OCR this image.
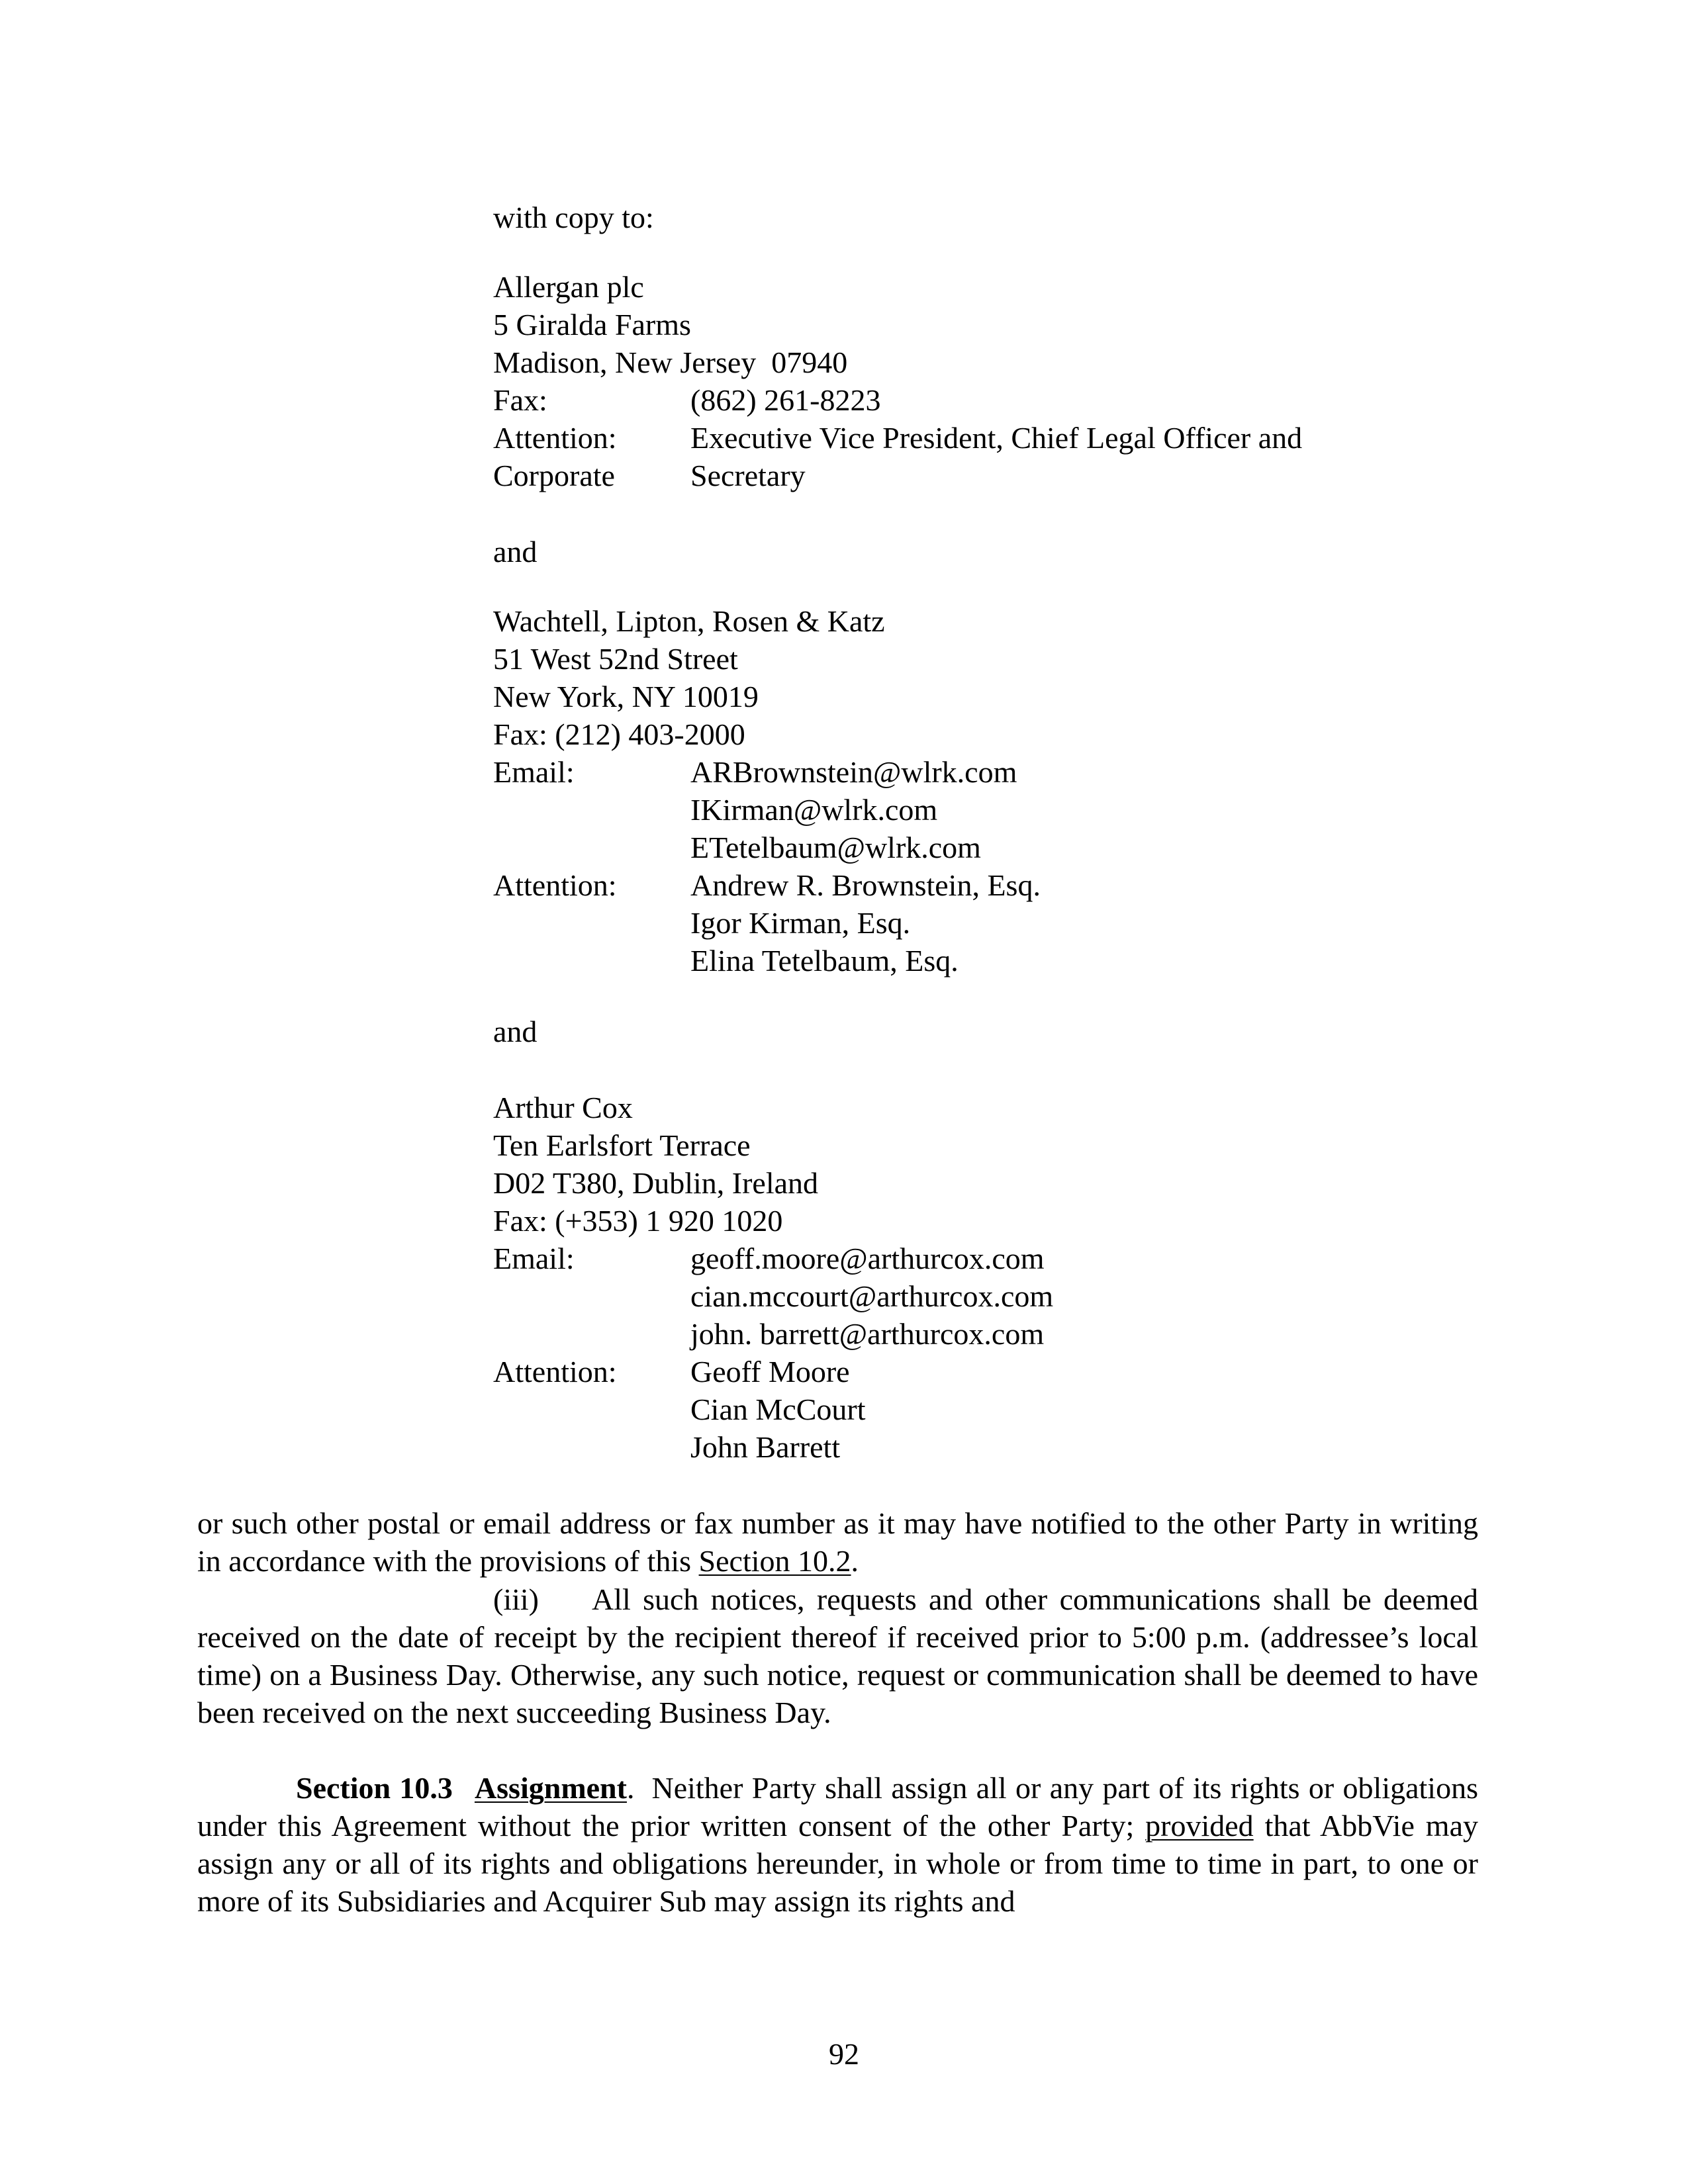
with copy to:
Allergan plc
5 Giralda Farms
Madison, New Jersey  07940
Fax:	(862) 261-8223
Attention: Executive Vice President, Chief Legal Officer and
Corporate Secretary
and
Wachtell, Lipton, Rosen & Katz
51 West 52nd Street
New York, NY 10019
Fax: (212) 403-2000
Email:	ARBrownstein@wlrk.com
IKirman@wlrk.com
ETetelbaum@wlrk.com
Attention: Andrew R. Brownstein, Esq.
Igor Kirman, Esq.
Elina Tetelbaum, Esq.
and
Arthur Cox
Ten Earlsfort Terrace
D02 T380, Dublin, Ireland
Fax: (+353) 1 920 1020
Email:	geoff.moore@arthurcox.com
cian.mccourt@arthurcox.com
john. barrett@arthurcox.com
Attention: Geoff Moore
Cian McCourt
John Barrett
or such other postal or email address or fax number as it may have notified to the other Party in writing in accordance with the provisions of this Section 10.2.
(iii) All such notices, requests and other communications shall be deemed received on the date of receipt by the recipient thereof if received prior to 5:00 p.m. (addressee’s local time) on a Business Day. Otherwise, any such notice, request or communication shall be deemed to have been received on the next succeeding Business Day.
Section 10.3 Assignment. Neither Party shall assign all or any part of its rights or obligations under this Agreement without the prior written consent of the other Party; provided that AbbVie may assign any or all of its rights and obligations hereunder, in whole or from time to time in part, to one or more of its Subsidiaries and Acquirer Sub may assign its rights and
92
